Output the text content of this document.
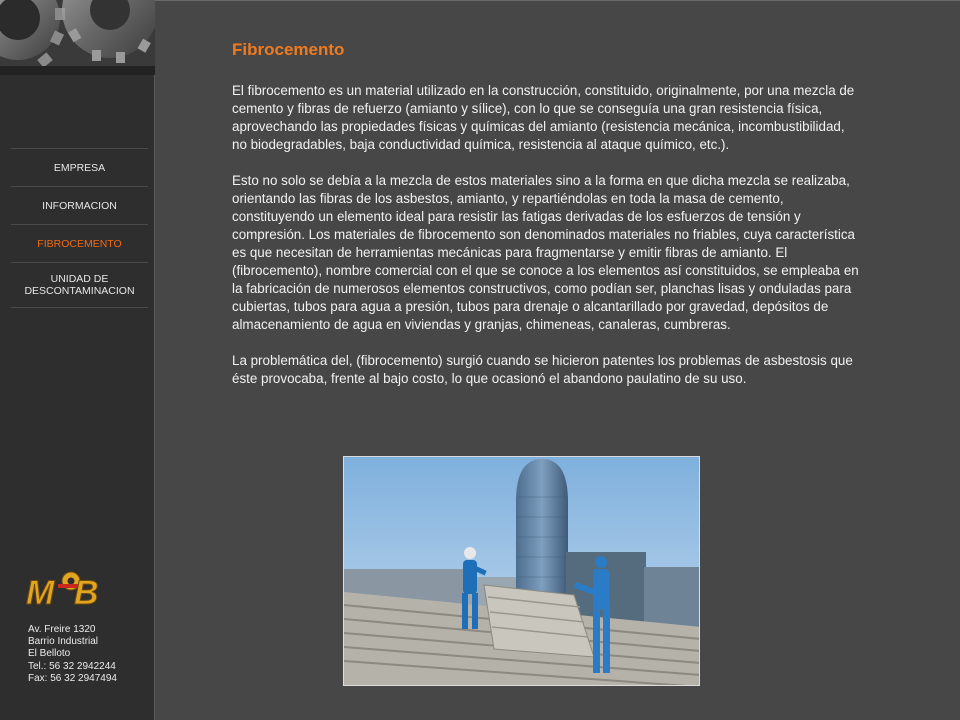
EMPRESA
INFORMACION
FIBROCEMENTO
UNIDAD DE DESCONTAMINACION
M B
Av. Freire 1320
Barrio Industrial
El Belloto
Tel.: 56 32 2942244
Fax: 56 32 2947494
Fibrocemento

El fibrocemento es un material utilizado en la construcción, constituido, originalmente, por una mezcla de cemento y fibras de refuerzo (amianto y sílice), con lo que se conseguía una gran resistencia física, aprovechando las propiedades físicas y químicas del amianto (resistencia mecánica, incombustibilidad, no biodegradables, baja conductividad química, resistencia al ataque químico, etc.).

Esto no solo se debía a la mezcla de estos materiales sino a la forma en que dicha mezcla se realizaba, orientando las fibras de los asbestos, amianto, y repartiéndolas en toda la masa de cemento, constituyendo un elemento ideal para resistir las fatigas derivadas de los esfuerzos de tensión y compresión. Los materiales de fibrocemento son denominados materiales no friables, cuya característica es que necesitan de herramientas mecánicas para fragmentarse y emitir fibras de amianto. El (fibrocemento), nombre comercial con el que se conoce a los elementos así constituidos, se empleaba en la fabricación de numerosos elementos constructivos, como podían ser, planchas lisas y onduladas para cubiertas, tubos para agua a presión, tubos para drenaje o alcantarillado por gravedad, depósitos de almacenamiento de agua en viviendas y granjas, chimeneas, canaleras, cumbreras.

La problemática del, (fibrocemento) surgió cuando se hicieron patentes los problemas de asbestosis que éste provocaba, frente al bajo costo, lo que ocasionó el abandono paulatino de su uso.
